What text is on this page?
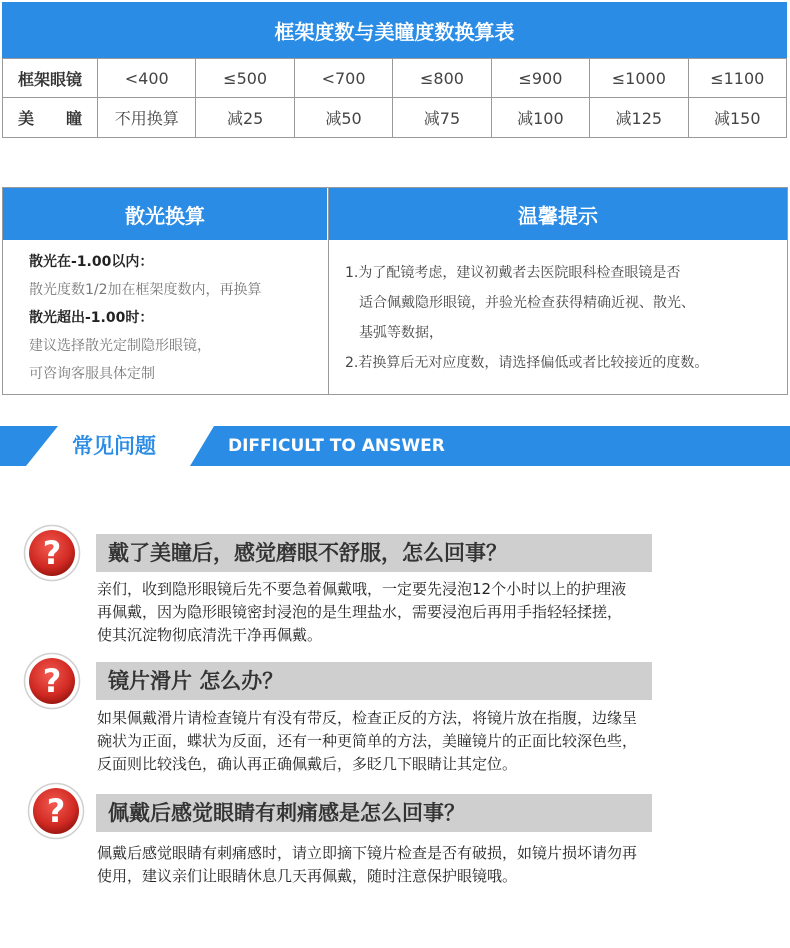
框架度数与美瞳度数换算表
框架眼镜	<400	≤500	<700	≤800	≤900	≤1000	≤1100
美　　瞳	不用换算	减25	减50	减75	减100	减125	减150
散光换算
散光在-1.00以内：
散光度数1/2加在框架度数内，再换算
散光超出-1.00时：
建议选择散光定制隐形眼镜，
可咨询客服具体定制
温馨提示
1.为了配镜考虑，建议初戴者去医院眼科检查眼镜是否
适合佩戴隐形眼镜，并验光检查获得精确近视、散光、
基弧等数据，
2.若换算后无对应度数，请选择偏低或者比较接近的度数。
常见问题	DIFFICULT TO ANSWER
?	戴了美瞳后，感觉磨眼不舒服，怎么回事？
亲们，收到隐形眼镜后先不要急着佩戴哦，一定要先浸泡12个小时以上的护理液
再佩戴，因为隐形眼镜密封浸泡的是生理盐水，需要浸泡后再用手指轻轻揉搓，
使其沉淀物彻底清洗干净再佩戴。
?	镜片滑片 怎么办？
如果佩戴滑片请检查镜片有没有带反，检查正反的方法，将镜片放在指腹，边缘呈
碗状为正面，蝶状为反面，还有一种更简单的方法，美瞳镜片的正面比较深色些，
反面则比较浅色，确认再正确佩戴后，多眨几下眼睛让其定位。
?	佩戴后感觉眼睛有刺痛感是怎么回事？
佩戴后感觉眼睛有刺痛感时，请立即摘下镜片检查是否有破损，如镜片损坏请勿再
使用，建议亲们让眼睛休息几天再佩戴，随时注意保护眼镜哦。
